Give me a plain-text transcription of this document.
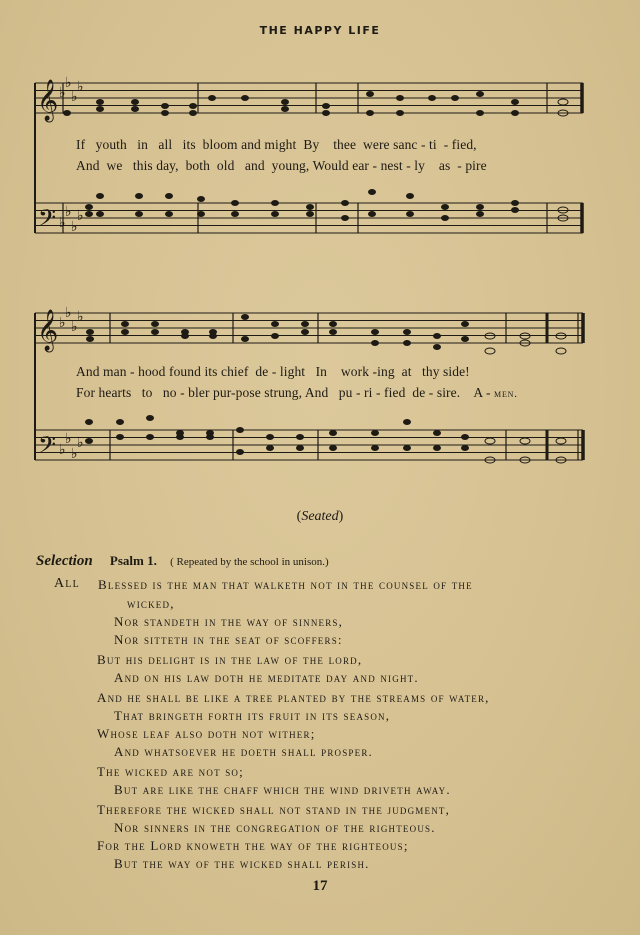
THE HAPPY LIFE
𝄞
𝄢
♭
♭
♭
♭
♭
♭
♭
♭
𝄞
𝄢
♭
♭
♭
♭
♭
♭
♭
♭
If   youth   in   all   its  bloom and might  By    thee  were sanc - ti  - fied,
And  we   this day,  both  old   and  young, Would ear - nest - ly    as  - pire
And man - hood found its chief  de - light   In    work -ing  at   thy side!
For hearts   to   no - bler pur-pose strung, And   pu - ri - fied  de - sire.    A - men.
(Seated)
Selection Psalm 1. ( Repeated by the school in unison.)
All Blessed is the man that walketh not in the counsel of the
wicked,
Nor standeth in the way of sinners,
Nor sitteth in the seat of scoffers:
But his delight is in the law of the lord,
And on his law doth he meditate day and night.
And he shall be like a tree planted by the streams of water,
That bringeth forth its fruit in its season,
Whose leaf also doth not wither;
And whatsoever he doeth shall prosper.
The wicked are not so;
But are like the chaff which the wind driveth away.
Therefore the wicked shall not stand in the judgment,
Nor sinners in the congregation of the righteous.
For the Lord knoweth the way of the righteous;
But the way of the wicked shall perish.
17
